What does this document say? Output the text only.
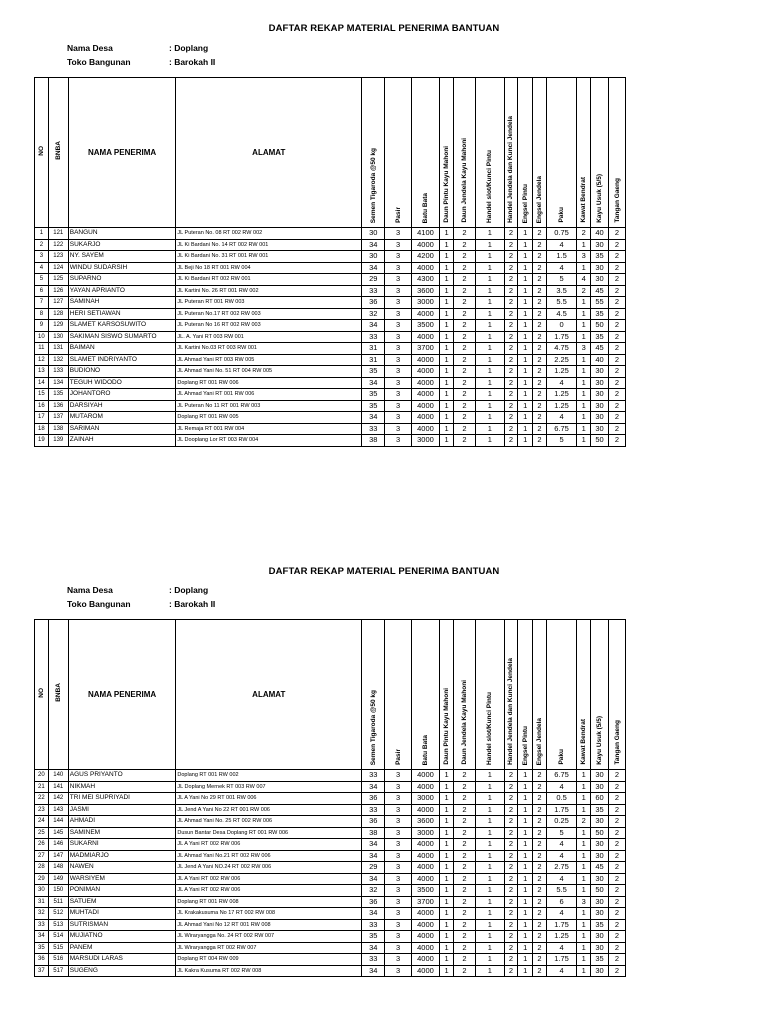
DAFTAR REKAP MATERIAL PENERIMA BANTUAN
Nama Desa	: Doplang
Toko Bangunan	: Barokah II
NO	BNBA	NAMA PENERIMA	ALAMAT	Semen Tigaroda @50 kg	Pasir	Batu Bata	Daun Pintu Kayu Mahoni	Daun Jendela Kayu Mahoni	Handel slot/Kunci Pintu	Handel Jendela dan Kunci Jendela	Engsel Pintu	Engsel Jendela	Paku	Kawat Bendrat	Kayu Usuk (5/5)	Tangan Gaeng
1	121	BANGUN	JL Puteran No. 08 RT 002 RW 002	30	3	4100	1	2	1	2	1	2	0.75	2	40	2
2	122	SUKARJO	JL Ki Bardani No. 14 RT 002 RW 001	34	3	4000	1	2	1	2	1	2	4	1	30	2
3	123	NY. SAYEM	JL Ki Bardani No. 31 RT 001 RW 001	30	3	4200	1	2	1	2	1	2	1.5	3	35	2
4	124	WINDU SUDARSIH	JL Beji No 18 RT 001 RW 004	34	3	4000	1	2	1	2	1	2	4	1	30	2
5	125	SUPARNO	JL Ki Bardani RT 002 RW 001	29	3	4300	1	2	1	2	1	2	5	4	30	2
6	126	YAYAN APRIANTO	JL Kartini No. 26 RT 001 RW 002	33	3	3600	1	2	1	2	1	2	3.5	2	45	2
7	127	SAMINAH	JL Puteran RT 001 RW 003	36	3	3000	1	2	1	2	1	2	5.5	1	55	2
8	128	HERI SETIAWAN	JL Puteran No.17 RT 002 RW 003	32	3	4000	1	2	1	2	1	2	4.5	1	35	2
9	129	SLAMET KARSOSUWITO	JL Puteran No 16 RT 002 RW 003	34	3	3500	1	2	1	2	1	2	0	1	50	2
10	130	SAKIMAN SISWO SUMARTO	JL. A. Yani RT 003 RW 001	33	3	4000	1	2	1	2	1	2	1.75	1	35	2
11	131	BAIMAN	JL Kartini No.03 RT 003 RW 001	31	3	3700	1	2	1	2	1	2	4.75	3	45	2
12	132	SLAMET INDRIYANTO	JL Ahmad Yani RT 003 RW 005	31	3	4000	1	2	1	2	1	2	2.25	1	40	2
13	133	BUDIONO	JL Ahmad Yani No. 51 RT 004 RW 005	35	3	4000	1	2	1	2	1	2	1.25	1	30	2
14	134	TEGUH WIDODO	Doplang RT 001 RW 006	34	3	4000	1	2	1	2	1	2	4	1	30	2
15	135	JOHANTORO	JL Ahmad Yani RT 001 RW 006	35	3	4000	1	2	1	2	1	2	1.25	1	30	2
16	136	DARSIYAH	JL Puteran No 11 RT 001 RW 003	35	3	4000	1	2	1	2	1	2	1.25	1	30	2
17	137	MUTAROM	Doplang RT 001 RW 005	34	3	4000	1	2	1	2	1	2	4	1	30	2
18	138	SARIMAN	JL Remaja RT 001 RW 004	33	3	4000	1	2	1	2	1	2	6.75	1	30	2
19	139	ZAINAH	JL Dooplang Lor RT 003 RW 004	38	3	3000	1	2	1	2	1	2	5	1	50	2
DAFTAR REKAP MATERIAL PENERIMA BANTUAN
Nama Desa	: Doplang
Toko Bangunan	: Barokah II
NO	BNBA	NAMA PENERIMA	ALAMAT	Semen Tigaroda @50 kg	Pasir	Batu Bata	Daun Pintu Kayu Mahoni	Daun Jendela Kayu Mahoni	Handel slot/Kunci Pintu	Handel Jendela dan Kunci Jendela	Engsel Pintu	Engsel Jendela	Paku	Kawat Bendrat	Kayu Usuk (5/5)	Tangan Gaeng
20	140	AGUS PRIYANTO	Doplang RT 001 RW 002	33	3	4000	1	2	1	2	1	2	6.75	1	30	2
21	141	NIKMAH	JL Doplang Mernek RT 003 RW 007	34	3	4000	1	2	1	2	1	2	4	1	30	2
22	142	TRI MEI SUPRIYADI	JL A Yani No 29 RT 001 RW 006	36	3	3000	1	2	1	2	1	2	0.5	1	60	2
23	143	JASMI	JL Jend A Yani No 22 RT 001 RW 006	33	3	4000	1	2	1	2	1	2	1.75	1	35	2
24	144	AHMADI	JL Ahmad Yani No. 25 RT 002 RW 006	36	3	3600	1	2	1	2	1	2	0.25	2	30	2
25	145	SAMINEM	Dusun Bantar Desa Doplang RT 001 RW 006	38	3	3000	1	2	1	2	1	2	5	1	50	2
26	146	SUKARNI	JL A Yani RT 002 RW 006	34	3	4000	1	2	1	2	1	2	4	1	30	2
27	147	MADMIARJO	JL Ahmad Yani No.21 RT 002 RW 006	34	3	4000	1	2	1	2	1	2	4	1	30	2
28	148	NAWEN	JL Jend A Yani NO.24 RT 002 RW 006	29	3	4000	1	2	1	2	1	2	2.75	1	45	2
29	149	WARSIYEM	JL A Yani RT 002 RW 006	34	3	4000	1	2	1	2	1	2	4	1	30	2
30	150	PONIMAN	JL A Yani RT 002 RW 006	32	3	3500	1	2	1	2	1	2	5.5	1	50	2
31	511	SATUEM	Doplang RT 001 RW 008	36	3	3700	1	2	1	2	1	2	6	3	30	2
32	512	MUHTADI	JL Krakakusuma No 17 RT 002 RW 008	34	3	4000	1	2	1	2	1	2	4	1	30	2
33	513	SUTRISMAN	JL Ahmad Yani No 12 RT 001 RW 008	33	3	4000	1	2	1	2	1	2	1.75	1	35	2
34	514	MUJIATNO	JL Wiraryangga No. 24 RT 002 RW 007	35	3	4000	1	2	1	2	1	2	1.25	1	30	2
35	515	PANEM	JL Wiraryangga RT 002 RW 007	34	3	4000	1	2	1	2	1	2	4	1	30	2
36	516	MARSUDI LARAS	Doplang RT 004 RW 009	33	3	4000	1	2	1	2	1	2	1.75	1	35	2
37	517	SUGENG	JL Kakra Kusuma RT 002 RW 008	34	3	4000	1	2	1	2	1	2	4	1	30	2
